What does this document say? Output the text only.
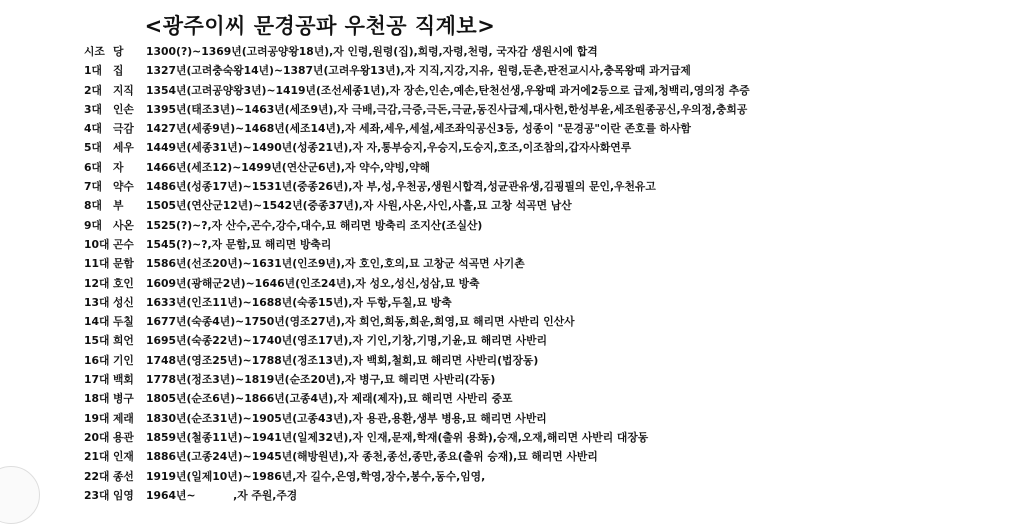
<광주이씨 문경공파 우천공 직계보>
시조 당	1300(?)~1369년(고려공양왕18년),자 인령,원령(집),희령,자령,천령, 국자감 생원시에 합격
1대	집	1327년(고려충숙왕14년)~1387년(고려우왕13년),자 지직,지강,지유, 원령,둔촌,판전교시사,충목왕때 과거급제
2대	지직	1354년(고려공양왕3년)~1419년(조선세종1년),자 장손,인손,예손,탄천선생,우왕때 과거에2등으로 급제,청백리,영의정 추증
3대	인손	1395년(태조3년)~1463년(세조9년),자 극배,극감,극증,극돈,극균,동진사급제,대사헌,한성부윤,세조원종공신,우의정,충희공
4대	극감	1427년(세종9년)~1468년(세조14년),자 세좌,세우,세설,세조좌익공신3등, 성종이 "문경공"이란 존호를 하사함
5대	세우	1449년(세종31년)~1490년(성종21년),자 자,통부승지,우승지,도승지,호조,이조참의,갑자사화연루
6대	자	1466년(세조12)~1499년(연산군6년),자 약수,약빙,약해
7대	약수	1486년(성종17년)~1531년(중종26년),자 부,성,우천공,생원시합격,성균관유생,김굉필의 문인,우천유고
8대	부	1505년(연산군12년)~1542년(중종37년),자 사원,사온,사인,사흘,묘 고창 석곡면 남산
9대	사온	1525(?)~?,자 산수,곤수,강수,대수,묘 해리면 방축리 조지산(조실산)
10대 곤수	1545(?)~?,자 문함,묘 해리면 방축리
11대 문함	1586년(선조20년)~1631년(인조9년),자 호인,호의,묘 고창군 석곡면 사기촌
12대 호인	1609년(광해군2년)~1646년(인조24년),자 성오,성신,성삼,묘 방축
13대 성신	1633년(인조11년)~1688년(숙종15년),자 두항,두칠,묘 방축
14대 두칠	1677년(숙종4년)~1750년(영조27년),자 희언,희동,희운,희영,묘 해리면 사반리 인산사
15대 희언	1695년(숙종22년)~1740년(영조17년),자 기인,기창,기명,기윤,묘 해리면 사반리
16대 기인	1748년(영조25년)~1788년(정조13년),자 백회,철회,묘 해리면 사반리(법장동)
17대 백회	1778년(정조3년)~1819년(순조20년),자 병구,묘 해리면 사반리(각동)
18대 병구	1805년(순조6년)~1866년(고종4년),자 제래(제자),묘 해리면 사반리 중포
19대 제래	1830년(순조31년)~1905년(고종43년),자 용관,용환,생부 병용,묘 해리면 사반리
20대 용관	1859년(철종11년)~1941년(일제32년),자 인재,문재,학재(출위 용화),승재,오재,해리면 사반리 대장동
21대 인재	1886년(고종24년)~1945년(해방원년),자 종천,종선,종만,종요(출위 승재),묘 해리면 사반리
22대 종선	1919년(일제10년)~1986년,자 길수,은영,학영,장수,봉수,동수,임영,
23대 임영	1964년~          ,자 주원,주경
